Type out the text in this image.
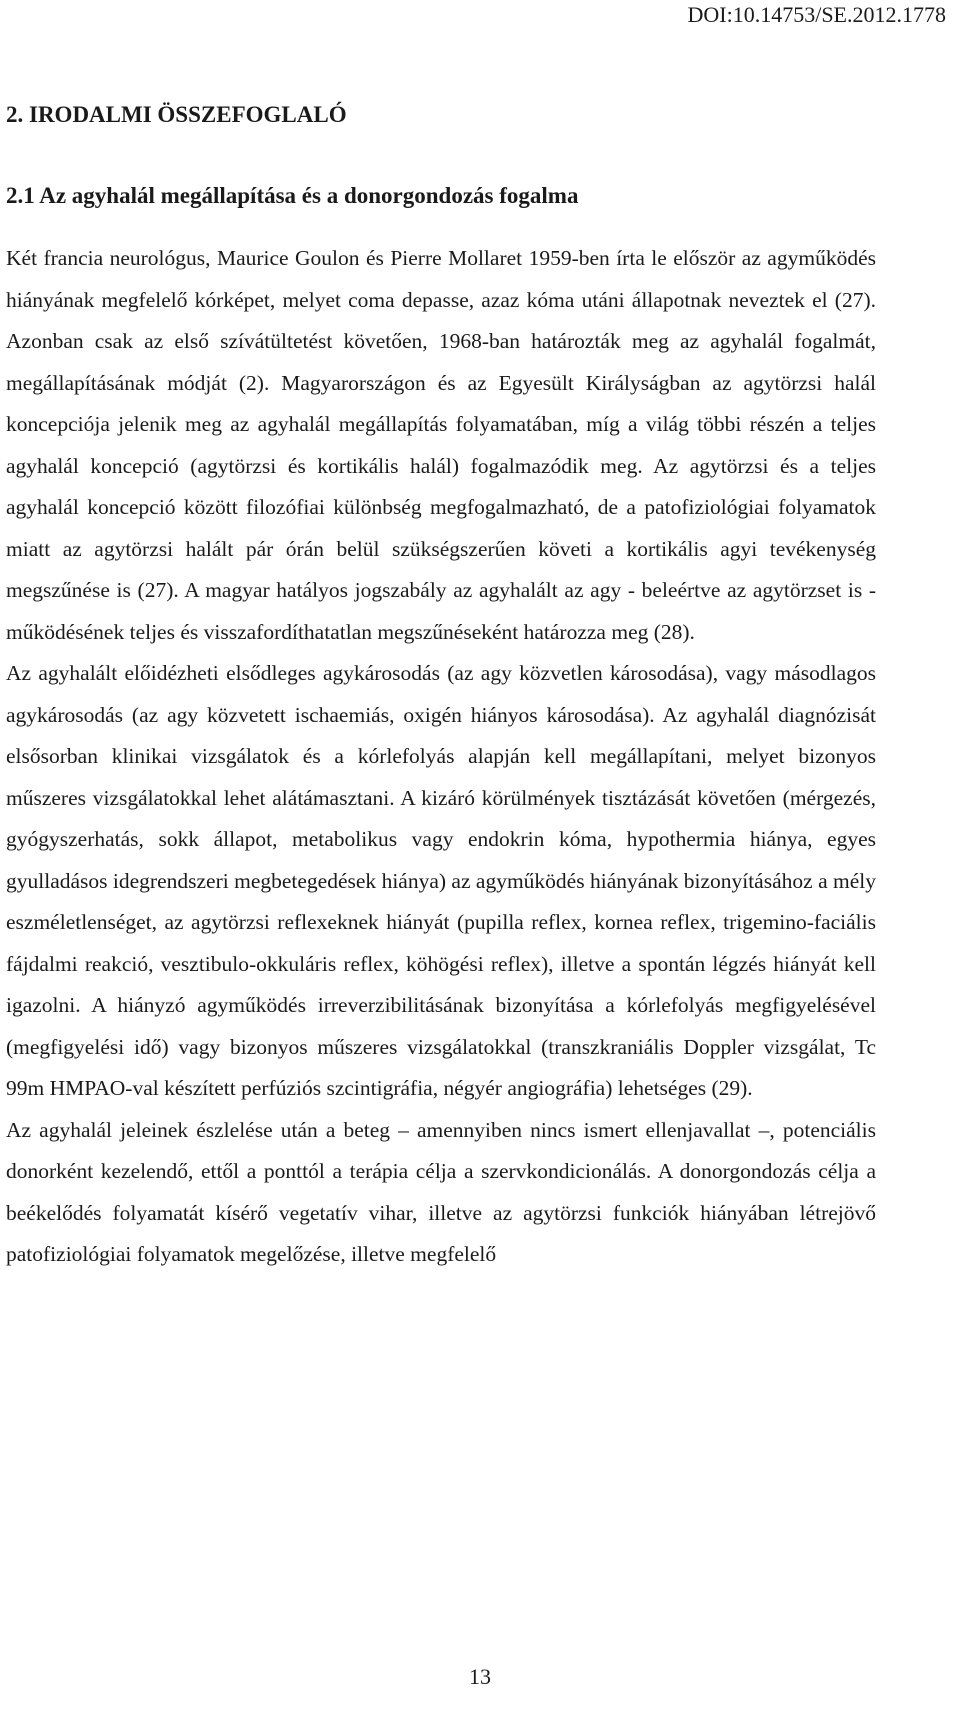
DOI:10.14753/SE.2012.1778
2. IRODALMI ÖSSZEFOGLALÓ
2.1 Az agyhalál megállapítása és a donorgondozás fogalma

Két francia neurológus, Maurice Goulon és Pierre Mollaret 1959-ben írta le először az agyműködés hiányának megfelelő kórképet, melyet coma depasse, azaz kóma utáni állapotnak neveztek el (27). Azonban csak az első szívátültetést követően, 1968-ban határozták meg az agyhalál fogalmát, megállapításának módját (2). Magyarországon és az Egyesült Királyságban az agytörzsi halál koncepciója jelenik meg az agyhalál megállapítás folyamatában, míg a világ többi részén a teljes agyhalál koncepció (agytörzsi és kortikális halál) fogalmazódik meg. Az agytörzsi és a teljes agyhalál koncepció között filozófiai különbség megfogalmazható, de a patofiziológiai folyamatok miatt az agytörzsi halált pár órán belül szükségszerűen követi a kortikális agyi tevékenység megszűnése is (27). A magyar hatályos jogszabály az agyhalált az agy - beleértve az agytörzset is - működésének teljes és visszafordíthatatlan megszűnéseként határozza meg (28).

Az agyhalált előidézheti elsődleges agykárosodás (az agy közvetlen károsodása), vagy másodlagos agykárosodás (az agy közvetett ischaemiás, oxigén hiányos károsodása). Az agyhalál diagnózisát elsősorban klinikai vizsgálatok és a kórlefolyás alapján kell megállapítani, melyet bizonyos műszeres vizsgálatokkal lehet alátámasztani. A kizáró körülmények tisztázását követően (mérgezés, gyógyszerhatás, sokk állapot, metabolikus vagy endokrin kóma, hypothermia hiánya, egyes gyulladásos idegrendszeri megbetegedések hiánya) az agyműködés hiányának bizonyításához a mély eszméletlenséget, az agytörzsi reflexeknek hiányát (pupilla reflex, kornea reflex, trigemino-faciális fájdalmi reakció, vesztibulo-okkuláris reflex, köhögési reflex), illetve a spontán légzés hiányát kell igazolni. A hiányzó agyműködés irreverzibilitásának bizonyítása a kórlefolyás megfigyelésével (megfigyelési idő) vagy bizonyos műszeres vizsgálatokkal (transzkraniális Doppler vizsgálat, Tc 99m HMPAO-val készített perfúziós szcintigráfia, négyér angiográfia) lehetséges (29).

Az agyhalál jeleinek észlelése után a beteg – amennyiben nincs ismert ellenjavallat –, potenciális donorként kezelendő, ettől a ponttól a terápia célja a szervkondicionálás. A donorgondozás célja a beékelődés folyamatát kísérő vegetatív vihar, illetve az agytörzsi funkciók hiányában létrejövő patofiziológiai folyamatok megelőzése, illetve megfelelő

13
